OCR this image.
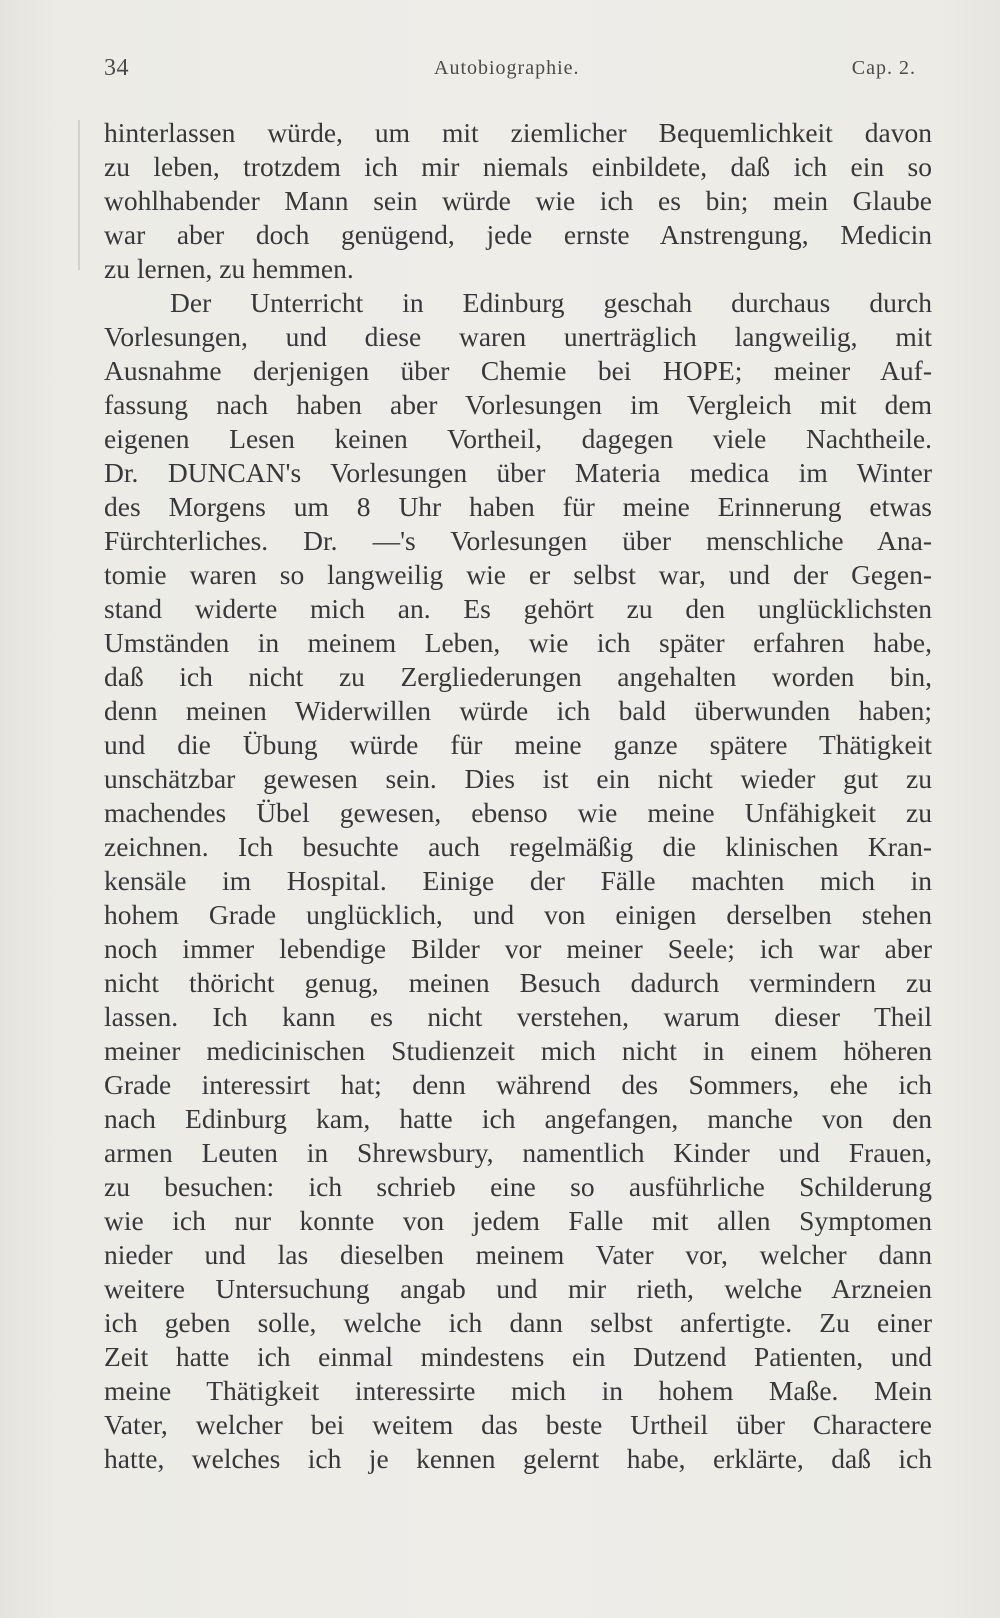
34	Autobiographie.	Cap. 2.
hinterlassen würde, um mit ziemlicher Bequemlichkeit davon
zu leben, trotzdem ich mir niemals einbildete, daß ich ein so
wohlhabender Mann sein würde wie ich es bin; mein Glaube
war aber doch genügend, jede ernste Anstrengung, Medicin
zu lernen, zu hemmen.
Der Unterricht in Edinburg geschah durchaus durch
Vorlesungen, und diese waren unerträglich langweilig, mit
Ausnahme derjenigen über Chemie bei HOPE; meiner Auf-
fassung nach haben aber Vorlesungen im Vergleich mit dem
eigenen Lesen keinen Vortheil, dagegen viele Nachtheile.
Dr. DUNCAN's Vorlesungen über Materia medica im Winter
des Morgens um 8 Uhr haben für meine Erinnerung etwas
Fürchterliches. Dr. —'s Vorlesungen über menschliche Ana-
tomie waren so langweilig wie er selbst war, und der Gegen-
stand widerte mich an. Es gehört zu den unglücklichsten
Umständen in meinem Leben, wie ich später erfahren habe,
daß ich nicht zu Zergliederungen angehalten worden bin,
denn meinen Widerwillen würde ich bald überwunden haben;
und die Übung würde für meine ganze spätere Thätigkeit
unschätzbar gewesen sein. Dies ist ein nicht wieder gut zu
machendes Übel gewesen, ebenso wie meine Unfähigkeit zu
zeichnen. Ich besuchte auch regelmäßig die klinischen Kran-
kensäle im Hospital. Einige der Fälle machten mich in
hohem Grade unglücklich, und von einigen derselben stehen
noch immer lebendige Bilder vor meiner Seele; ich war aber
nicht thöricht genug, meinen Besuch dadurch vermindern zu
lassen. Ich kann es nicht verstehen, warum dieser Theil
meiner medicinischen Studienzeit mich nicht in einem höheren
Grade interessirt hat; denn während des Sommers, ehe ich
nach Edinburg kam, hatte ich angefangen, manche von den
armen Leuten in Shrewsbury, namentlich Kinder und Frauen,
zu besuchen: ich schrieb eine so ausführliche Schilderung
wie ich nur konnte von jedem Falle mit allen Symptomen
nieder und las dieselben meinem Vater vor, welcher dann
weitere Untersuchung angab und mir rieth, welche Arzneien
ich geben solle, welche ich dann selbst anfertigte. Zu einer
Zeit hatte ich einmal mindestens ein Dutzend Patienten, und
meine Thätigkeit interessirte mich in hohem Maße. Mein
Vater, welcher bei weitem das beste Urtheil über Charactere
hatte, welches ich je kennen gelernt habe, erklärte, daß ich
